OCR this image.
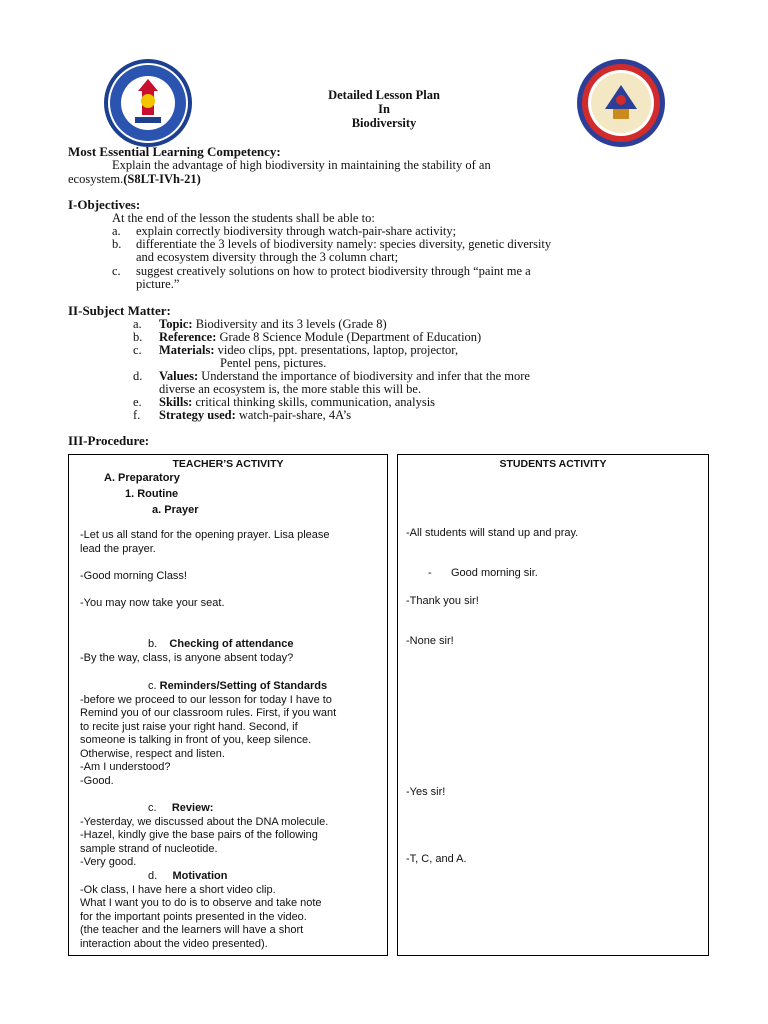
Detailed Lesson Plan
In
Biodiversity
Most Essential Learning Competency:
Explain the advantage of high biodiversity in maintaining the stability of an
ecosystem.(S8LT-IVh-21)
I-Objectives:
At the end of the lesson the students shall be able to:
a. explain correctly biodiversity through watch-pair-share activity;
b. differentiate the 3 levels of biodiversity namely: species diversity, genetic diversity
and ecosystem diversity through the 3 column chart;
c. suggest creatively solutions on how to protect biodiversity through “paint me a
picture.”
II-Subject Matter:
a. Topic: Biodiversity and its 3 levels (Grade 8)
b. Reference: Grade 8 Science Module (Department of Education)
c. Materials: video clips, ppt. presentations, laptop, projector,
Pentel pens, pictures.
d. Values: Understand the importance of biodiversity and infer that the more
diverse an ecosystem is, the more stable this will be.
e. Skills: critical thinking skills, communication, analysis
f. Strategy used: watch-pair-share, 4A’s
III-Procedure:
TEACHER’S ACTIVITY
A. Preparatory
1. Routine
a. Prayer
-Let us all stand for the opening prayer. Lisa please
lead the prayer.
-Good morning Class!
-You may now take your seat.
b. Checking of attendance
-By the way, class, is anyone absent today?
c. Reminders/Setting of Standards
-before we proceed to our lesson for today I have to
Remind you of our classroom rules. First, if you want
to recite just raise your right hand. Second, if
someone is talking in front of you, keep silence.
Otherwise, respect and listen.
-Am I understood?
-Good.
c. Review:
-Yesterday, we discussed about the DNA molecule.
-Hazel, kindly give the base pairs of the following
sample strand of nucleotide.
-Very good.
d. Motivation
-Ok class, I have here a short video clip.
What I want you to do is to observe and take note
for the important points presented in the video.
(the teacher and the learners will have a short
interaction about the video presented).
STUDENTS ACTIVITY
-All students will stand up and pray.
- Good morning sir.
-Thank you sir!
-None sir!
-Yes sir!
-T, C, and A.
